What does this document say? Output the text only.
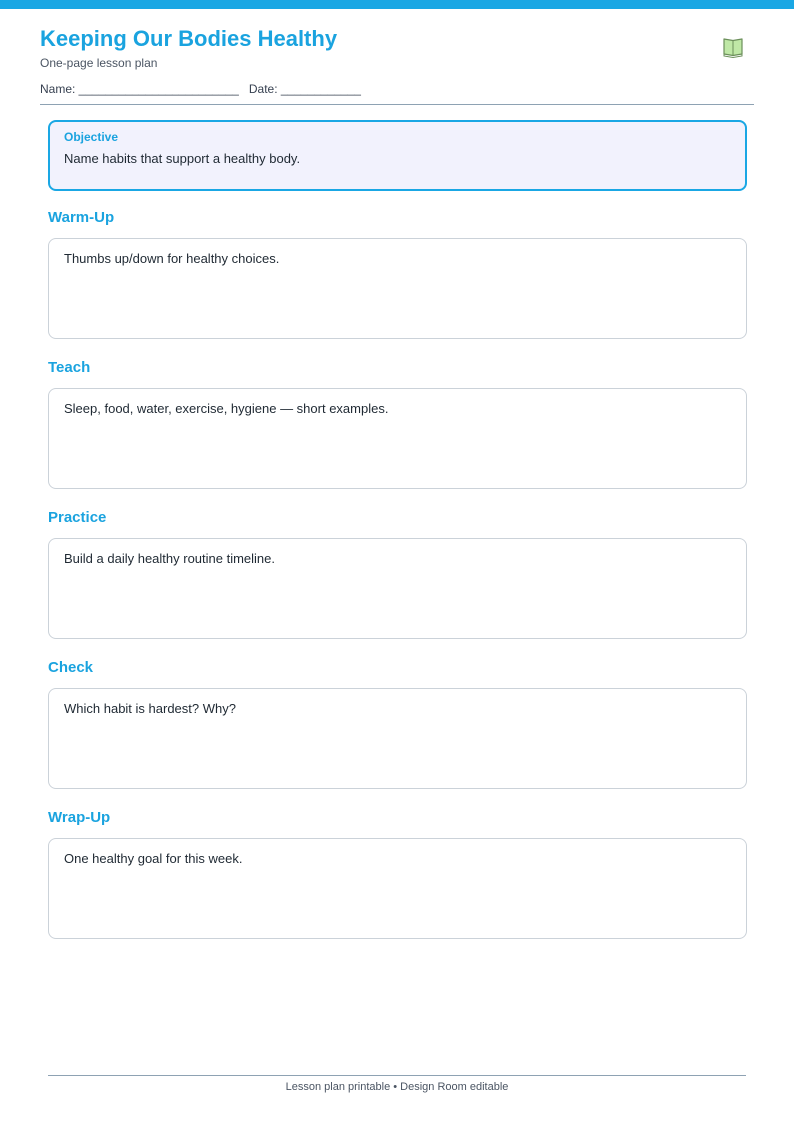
Keeping Our Bodies Healthy
One-page lesson plan
Name: ________________________ Date: ____________
Objective
Name habits that support a healthy body.
Warm-Up
Thumbs up/down for healthy choices.
Teach
Sleep, food, water, exercise, hygiene — short examples.
Practice
Build a daily healthy routine timeline.
Check
Which habit is hardest? Why?
Wrap-Up
One healthy goal for this week.
Lesson plan printable • Design Room editable
